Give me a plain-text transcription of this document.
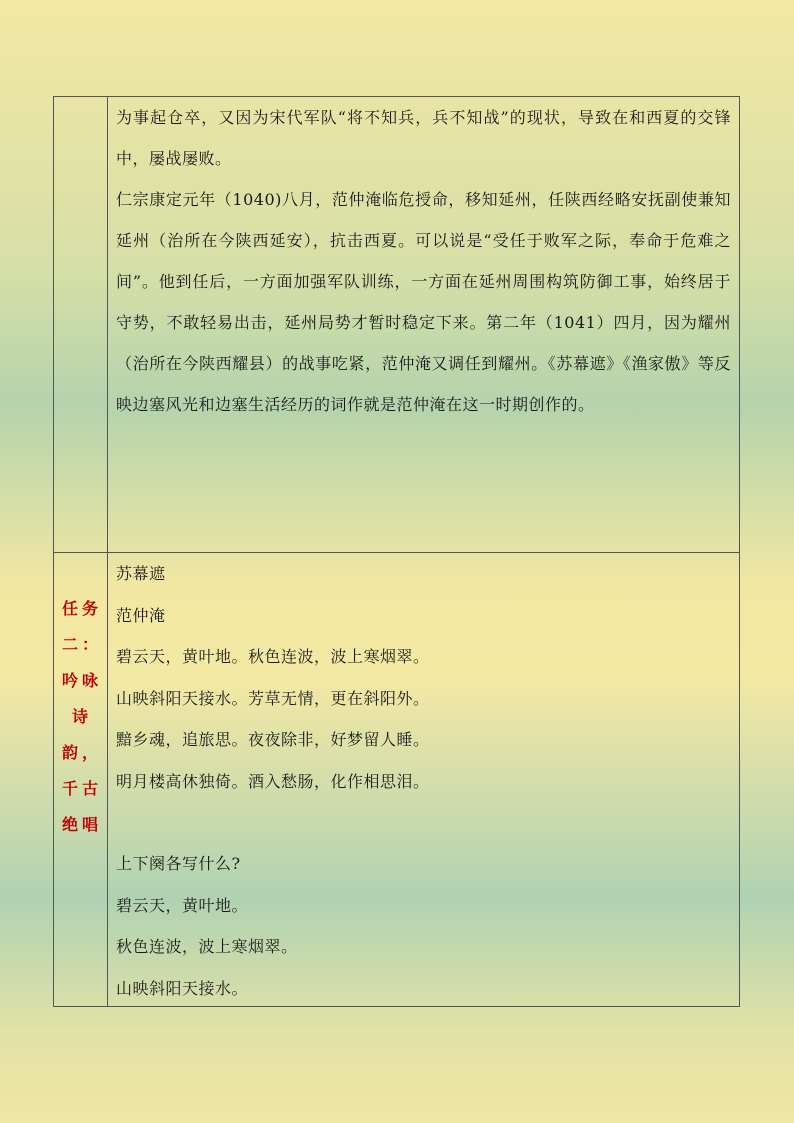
为事起仓卒，又因为宋代军队“将不知兵，兵不知战”的现状，导致在和西夏的交锋中，屡战屡败。

仁宗康定元年（1040)八月，范仲淹临危授命，移知延州，任陕西经略安抚副使兼知延州（治所在今陕西延安），抗击西夏。可以说是“受任于败军之际，奉命于危难之间”。他到任后，一方面加强军队训练，一方面在延州周围构筑防御工事，始终居于守势，不敢轻易出击，延州局势才暂时稳定下来。第二年（1041）四月，因为耀州（治所在今陕西耀县）的战事吃紧，范仲淹又调任到耀州。《苏幕遮》《渔家傲》等反映边塞风光和边塞生活经历的词作就是范仲淹在这一时期创作的。

任务二：吟咏诗韵，千古绝唱

苏幕遮

范仲淹

碧云天，黄叶地。秋色连波，波上寒烟翠。

山映斜阳天接水。芳草无情，更在斜阳外。

黯乡魂，追旅思。夜夜除非，好梦留人睡。

明月楼高休独倚。酒入愁肠，化作相思泪。

上下阕各写什么?

碧云天，黄叶地。

秋色连波，波上寒烟翠。

山映斜阳天接水。
